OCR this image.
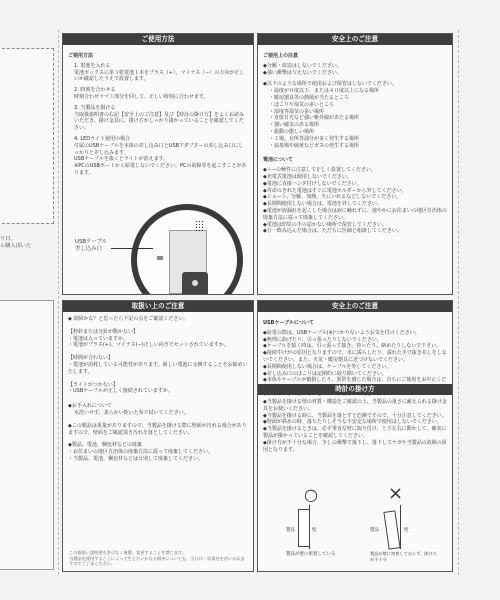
り日、
ら購入頂いた
ご使用方法
ご使用方法

1. 電池を入れる
電池ボックスに単３乾電池１本をプラス（+）、マイナス（−）の方向が正しいか確認したうえで設置します。

2. 時刻を合わせる
時刻合わせツマミ部分を回して、正しい時刻に合わせます。

3. 当製品を掛ける
当取扱説明書の右記【安全上のご注意】及び【時計の掛け方】をよくお読みいただき、掛け金具に、掛け方がしっかり掛かっていることを確認してください。

4. LEDライト使用の場合
付属のUSBケーブルを本体の差し込み口とUSBアダプターの差し込み口にしっかりと差し込みます。
USBケーブルを抜くとライトが消えます。
※PCのUSBポートから給電しないでください。PCの故障等を起こすことがあります。

USBケーブル差し込み口
安全上のご注意
ご使用上の注意
◆分解・改造はしないでください。
◆強い衝撃は与えないでください。
◆以下のような場所で使用および保管はしないでください。
・温度が０度以下、または４０度以上になる場所
・暖房器具等の熱風が当たるところ
・ほこりや湿気の多いところ
・湿度等湿気の多い場所
・直射日光など強い紫外線があたる場所
・強い磁気のある場所
・振動の激しい場所
・工場、台所等油分が多く発生する場所
・温泉場や硫黄などガスの発生する場所
電池について
◆＋−の極性に注意して正しく設置してください。
◆充電式電池は使用しないでください。
◆電池に直接ハンダ付けしないでください。
◆寿命のきれた電池はすぐに電池ホルダーから外してください。
◆ショート、分解、加熱、火にいれるなどしないでください。
◆長期間使用しない場合は、電池を外してください。
◆電池が液漏れを起こした場合は液に触れずに、速やかにお住まいの地区自治体の廃棄方法に従って廃棄してください。
◆電池は幼児の手の届かない場所で保管してください。
◆万一飲み込んだ場合は、ただちに医師と相談してください。
取扱い上のご注意

◆ 故障かな？と思ったら下記の点をご確認ください。

【秒針または分針が動かない】
・電池は入っていますか。
・電池がプラス(+)、マイナス(−)正しい向きでセットされていますか。
【時間が合わない】
・電池が消耗している可能性があります。新しい電池に交換することをお勧めいたします。
【ライトがつかない】
・USBケーブルが正しく接続されていますか。
◆お手入れについて
水洗いせず、柔らかい乾いた布で拭いてください。
◆この製品は重量がありますので、当製品を掛ける際に壁面が汚れる場合がありますので、壁面をご確認頂き汚れを落としてください。
◆製品、電池、梱包材などの廃棄
・お住まいの地区自治体の廃棄方法に従って廃棄してください。
・当製品、電池、梱包材などは分別して廃棄してください。
この取扱い説明書を許可なく複製、変更することを禁じます。
当製品を使用することによって生じたいかなる損害についても、当社は一切責任を負いかねますのでご了承ください。
安全上のご注意
USBケーブルについて
◆給電の際は、USBケーブル(※)つかりないようお気を付けください。
◆無理に曲げたり、引っ張ったりしないでください。
◆ケーブルを抜く時は、引っ張って抜き、持ったり、絡めたりしないで下さい。
◆接続中けがの原因となりますので、水に濡らしたり、濡れた手で抜き差しをしないでください。また、火気・暖房器具に近づけないでください。
◆長期間使用しない場合は、ケーブルを外してください。
◆差し込み口のほこりは定期的に取り除いてください。
◆本体やケーブルが破損したり、異常を感じた場合は、直ちにご使用をお中止くだ
時計の掛け方
◆当製品を掛ける壁の材質・構造をご確認の上、当製品の重さに耐えられる掛け金具をお使いください。
◆当製品を掛ける時に、当製品を落とすと危険ですので、十分注意してください。
◆壁面が斜めの時、落ちたりしそうな不安定な場所で使用はしないでください。
◆当製品を掛けるときは、必ず垂直な壁に取り付け、上下左右に動かして、確実に製品が掛かっていることを確認してください。
◆掛け方が不十分な場合、少しの衝撃で落下し、落下してケガや当製品の故障の原因となります。
○
製品	壁
製品が壁に密着している
×
製品	壁
製品が壁に密着しておらず、掛け方が不十分
